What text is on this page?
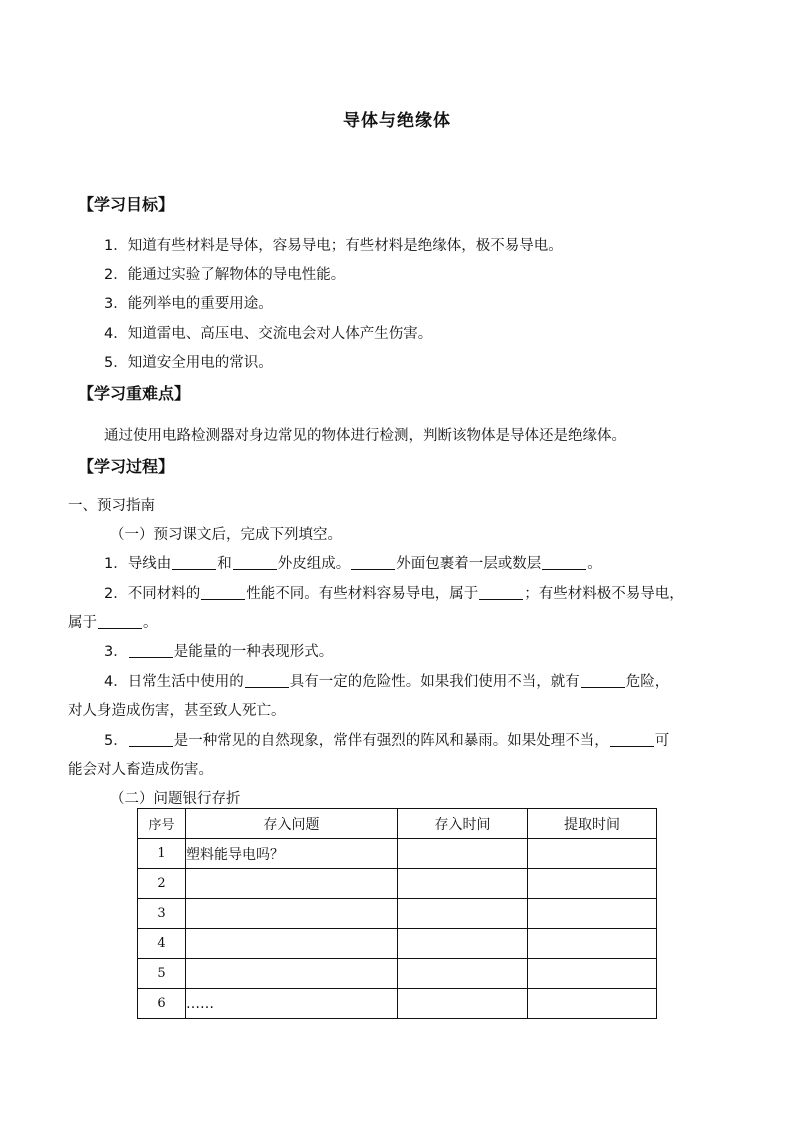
导体与绝缘体
【学习目标】
1．知道有些材料是导体，容易导电；有些材料是绝缘体，极不易导电。
2．能通过实验了解物体的导电性能。
3．能列举电的重要用途。
4．知道雷电、高压电、交流电会对人体产生伤害。
5．知道安全用电的常识。
【学习重难点】
通过使用电路检测器对身边常见的物体进行检测，判断该物体是导体还是绝缘体。
【学习过程】
一、预习指南
（一）预习课文后，完成下列填空。
1．导线由	和	外皮组成。	外面包裹着一层或数层	。
2．不同材料的	性能不同。有些材料容易导电，属于	；有些材料极不易导电，
属于	。
3．	是能量的一种表现形式。
4．日常生活中使用的	具有一定的危险性。如果我们使用不当，就有	危险，
对人身造成伤害，甚至致人死亡。
5．	是一种常见的自然现象，常伴有强烈的阵风和暴雨。如果处理不当，	可
能会对人畜造成伤害。
（二）问题银行存折
序号	存入问题	存入时间	提取时间
1	塑料能导电吗？		
2			
3			
4			
5			
6	……		
